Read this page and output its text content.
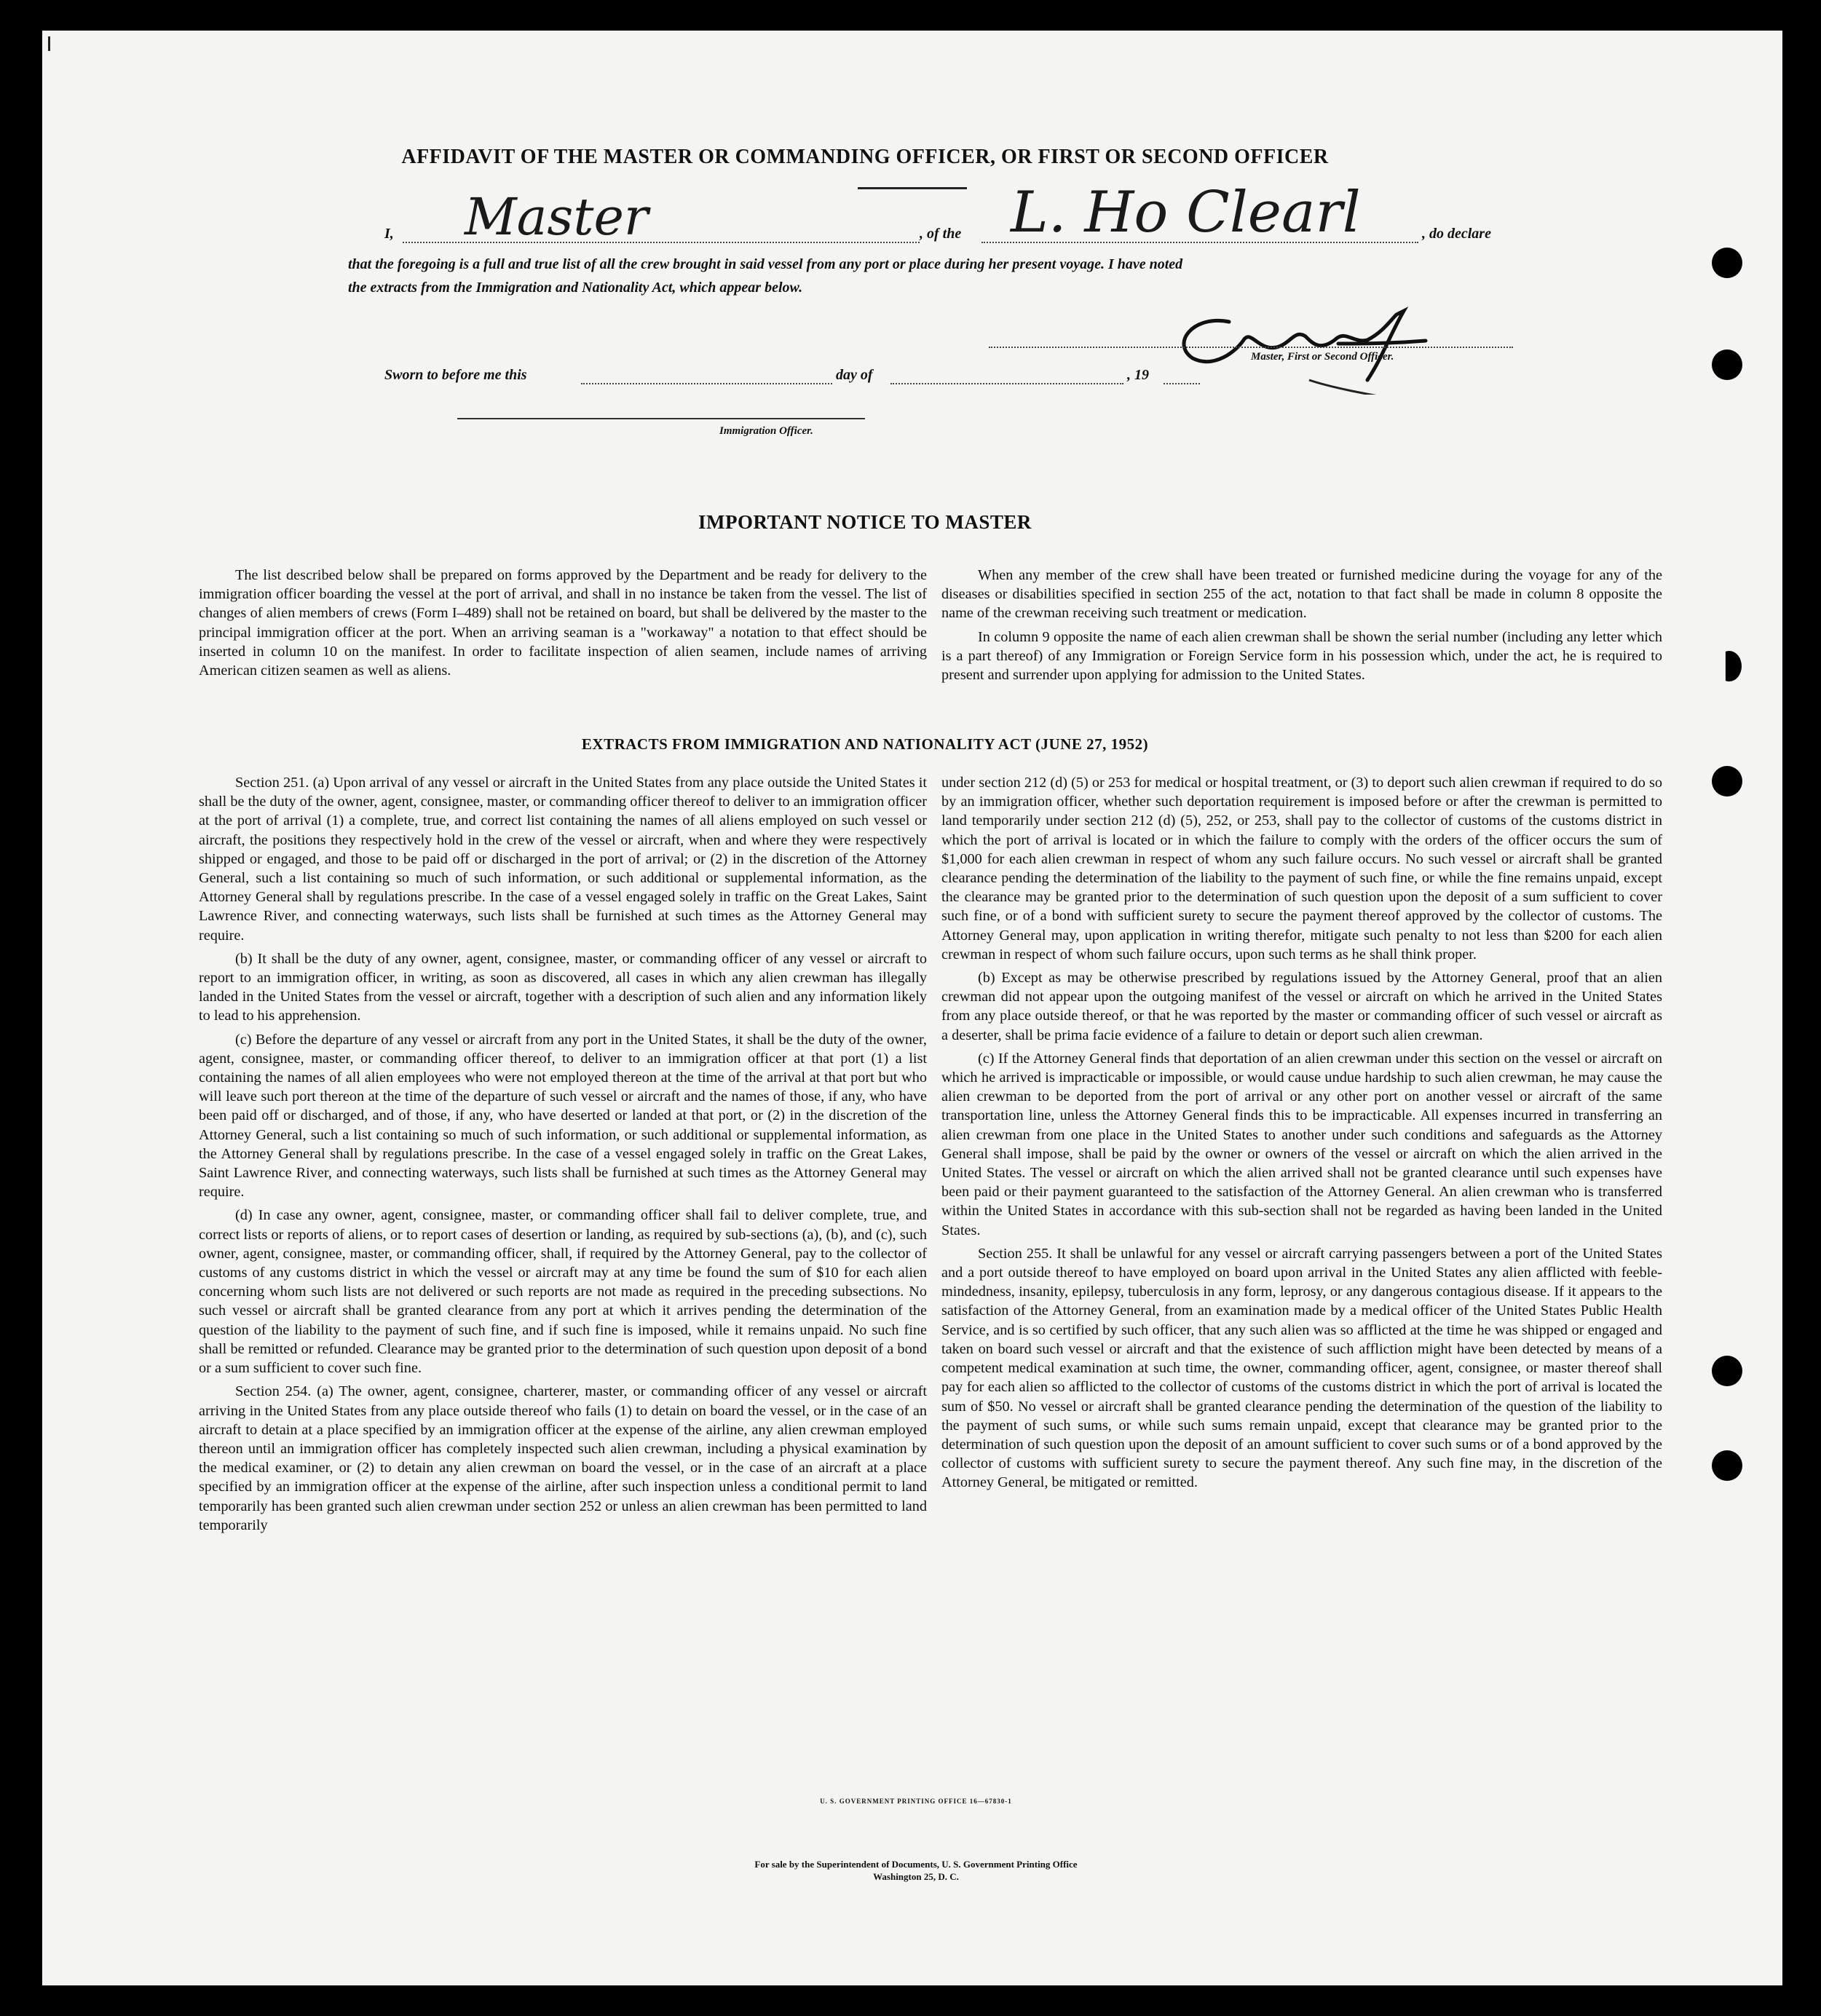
AFFIDAVIT OF THE MASTER OR COMMANDING OFFICER, OR FIRST OR SECOND OFFICER
I, Master	, of the L. Ho Clearl	, do declare
that the foregoing is a full and true list of all the crew brought in said vessel from any port or place during her present voyage. I have noted
the extracts from the Immigration and Nationality Act, which appear below.
Master, First or Second Officer.
Sworn to before me this	day of	, 19
Immigration Officer.
IMPORTANT NOTICE TO MASTER

The list described below shall be prepared on forms approved by the Department and be ready for delivery to the immigration officer boarding the vessel at the port of arrival, and shall in no instance be taken from the vessel. The list of changes of alien members of crews (Form I–489) shall not be retained on board, but shall be delivered by the master to the principal immigration officer at the port. When an arriving seaman is a "workaway" a notation to that effect should be inserted in column 10 on the manifest. In order to facilitate inspection of alien seamen, include names of arriving American citizen seamen as well as aliens.

When any member of the crew shall have been treated or furnished medicine during the voyage for any of the diseases or disabilities specified in section 255 of the act, notation to that fact shall be made in column 8 opposite the name of the crewman receiving such treatment or medication.

In column 9 opposite the name of each alien crewman shall be shown the serial number (including any letter which is a part thereof) of any Immigration or Foreign Service form in his possession which, under the act, he is required to present and surrender upon applying for admission to the United States.

EXTRACTS FROM IMMIGRATION AND NATIONALITY ACT (JUNE 27, 1952)

Section 251. (a) Upon arrival of any vessel or aircraft in the United States from any place outside the United States it shall be the duty of the owner, agent, consignee, master, or commanding officer thereof to deliver to an immigration officer at the port of arrival (1) a complete, true, and correct list containing the names of all aliens employed on such vessel or aircraft, the positions they respectively hold in the crew of the vessel or aircraft, when and where they were respectively shipped or engaged, and those to be paid off or discharged in the port of arrival; or (2) in the discretion of the Attorney General, such a list containing so much of such information, or such additional or supplemental information, as the Attorney General shall by regulations prescribe. In the case of a vessel engaged solely in traffic on the Great Lakes, Saint Lawrence River, and connecting waterways, such lists shall be furnished at such times as the Attorney General may require.

(b) It shall be the duty of any owner, agent, consignee, master, or commanding officer of any vessel or aircraft to report to an immigration officer, in writing, as soon as discovered, all cases in which any alien crewman has illegally landed in the United States from the vessel or aircraft, together with a description of such alien and any information likely to lead to his apprehension.

(c) Before the departure of any vessel or aircraft from any port in the United States, it shall be the duty of the owner, agent, consignee, master, or commanding officer thereof, to deliver to an immigration officer at that port (1) a list containing the names of all alien employees who were not employed thereon at the time of the arrival at that port but who will leave such port thereon at the time of the departure of such vessel or aircraft and the names of those, if any, who have been paid off or discharged, and of those, if any, who have deserted or landed at that port, or (2) in the discretion of the Attorney General, such a list containing so much of such information, or such additional or supplemental information, as the Attorney General shall by regulations prescribe. In the case of a vessel engaged solely in traffic on the Great Lakes, Saint Lawrence River, and connecting waterways, such lists shall be furnished at such times as the Attorney General may require.

(d) In case any owner, agent, consignee, master, or commanding officer shall fail to deliver complete, true, and correct lists or reports of aliens, or to report cases of desertion or landing, as required by sub-sections (a), (b), and (c), such owner, agent, consignee, master, or commanding officer, shall, if required by the Attorney General, pay to the collector of customs of any customs district in which the vessel or aircraft may at any time be found the sum of $10 for each alien concerning whom such lists are not delivered or such reports are not made as required in the preceding subsections. No such vessel or aircraft shall be granted clearance from any port at which it arrives pending the determination of the question of the liability to the payment of such fine, and if such fine is imposed, while it remains unpaid. No such fine shall be remitted or refunded. Clearance may be granted prior to the determination of such question upon deposit of a bond or a sum sufficient to cover such fine.

Section 254. (a) The owner, agent, consignee, charterer, master, or commanding officer of any vessel or aircraft arriving in the United States from any place outside thereof who fails (1) to detain on board the vessel, or in the case of an aircraft to detain at a place specified by an immigration officer at the expense of the airline, any alien crewman employed thereon until an immigration officer has completely inspected such alien crewman, including a physical examination by the medical examiner, or (2) to detain any alien crewman on board the vessel, or in the case of an aircraft at a place specified by an immigration officer at the expense of the airline, after such inspection unless a conditional permit to land temporarily has been granted such alien crewman under section 252 or unless an alien crewman has been permitted to land temporarily

under section 212 (d) (5) or 253 for medical or hospital treatment, or (3) to deport such alien crewman if required to do so by an immigration officer, whether such deportation requirement is imposed before or after the crewman is permitted to land temporarily under section 212 (d) (5), 252, or 253, shall pay to the collector of customs of the customs district in which the port of arrival is located or in which the failure to comply with the orders of the officer occurs the sum of $1,000 for each alien crewman in respect of whom any such failure occurs. No such vessel or aircraft shall be granted clearance pending the determination of the liability to the payment of such fine, or while the fine remains unpaid, except the clearance may be granted prior to the determination of such question upon the deposit of a sum sufficient to cover such fine, or of a bond with sufficient surety to secure the payment thereof approved by the collector of customs. The Attorney General may, upon application in writing therefor, mitigate such penalty to not less than $200 for each alien crewman in respect of whom such failure occurs, upon such terms as he shall think proper.

(b) Except as may be otherwise prescribed by regulations issued by the Attorney General, proof that an alien crewman did not appear upon the outgoing manifest of the vessel or aircraft on which he arrived in the United States from any place outside thereof, or that he was reported by the master or commanding officer of such vessel or aircraft as a deserter, shall be prima facie evidence of a failure to detain or deport such alien crewman.

(c) If the Attorney General finds that deportation of an alien crewman under this section on the vessel or aircraft on which he arrived is impracticable or impossible, or would cause undue hardship to such alien crewman, he may cause the alien crewman to be deported from the port of arrival or any other port on another vessel or aircraft of the same transportation line, unless the Attorney General finds this to be impracticable. All expenses incurred in transferring an alien crewman from one place in the United States to another under such conditions and safeguards as the Attorney General shall impose, shall be paid by the owner or owners of the vessel or aircraft on which the alien arrived in the United States. The vessel or aircraft on which the alien arrived shall not be granted clearance until such expenses have been paid or their payment guaranteed to the satisfaction of the Attorney General. An alien crewman who is transferred within the United States in accordance with this sub-section shall not be regarded as having been landed in the United States.

Section 255. It shall be unlawful for any vessel or aircraft carrying passengers between a port of the United States and a port outside thereof to have employed on board upon arrival in the United States any alien afflicted with feeble-mindedness, insanity, epilepsy, tuberculosis in any form, leprosy, or any dangerous contagious disease. If it appears to the satisfaction of the Attorney General, from an examination made by a medical officer of the United States Public Health Service, and is so certified by such officer, that any such alien was so afflicted at the time he was shipped or engaged and taken on board such vessel or aircraft and that the existence of such affliction might have been detected by means of a competent medical examination at such time, the owner, commanding officer, agent, consignee, or master thereof shall pay for each alien so afflicted to the collector of customs of the customs district in which the port of arrival is located the sum of $50. No vessel or aircraft shall be granted clearance pending the determination of the question of the liability to the payment of such sums, or while such sums remain unpaid, except that clearance may be granted prior to the determination of such question upon the deposit of an amount sufficient to cover such sums or of a bond approved by the collector of customs with sufficient surety to secure the payment thereof. Any such fine may, in the discretion of the Attorney General, be mitigated or remitted.

U. S. GOVERNMENT PRINTING OFFICE 16—67830-1
For sale by the Superintendent of Documents, U. S. Government Printing Office
Washington 25, D. C.
